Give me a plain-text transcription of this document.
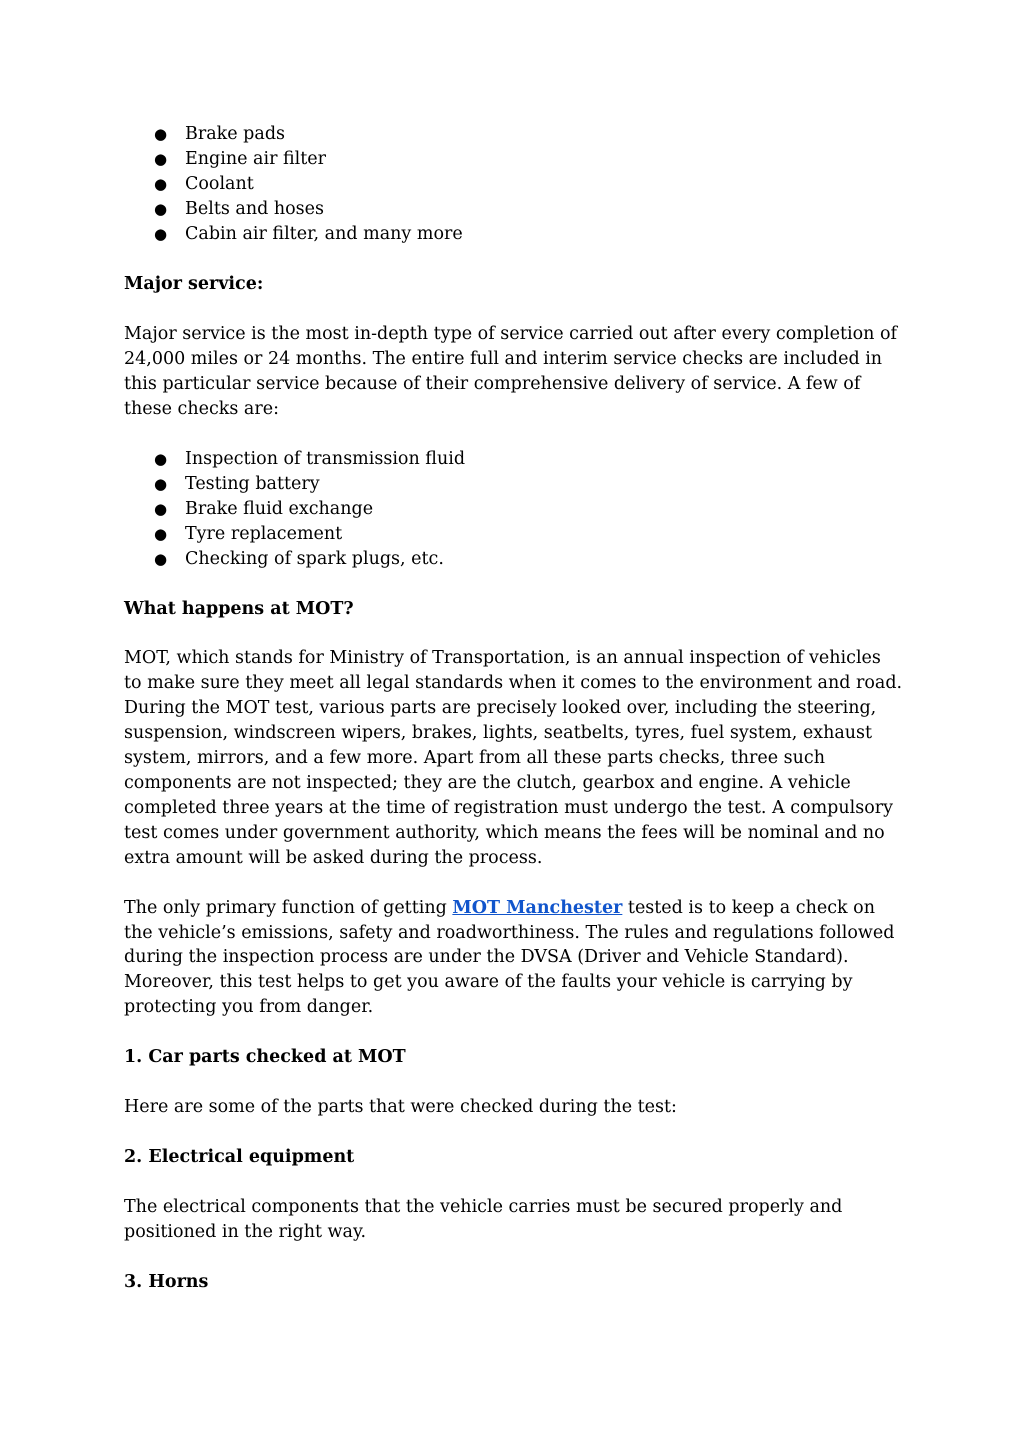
● Brake pads
● Engine air filter
● Coolant
● Belts and hoses
● Cabin air filter, and many more
Major service:

Major service is the most in-depth type of service carried out after every completion of 24,000 miles or 24 months. The entire full and interim service checks are included in this particular service because of their comprehensive delivery of service. A few of these checks are:

● Inspection of transmission fluid
● Testing battery
● Brake fluid exchange
● Tyre replacement
● Checking of spark plugs, etc.
What happens at MOT?

MOT, which stands for Ministry of Transportation, is an annual inspection of vehicles to make sure they meet all legal standards when it comes to the environment and road. During the MOT test, various parts are precisely looked over, including the steering, suspension, windscreen wipers, brakes, lights, seatbelts, tyres, fuel system, exhaust system, mirrors, and a few more. Apart from all these parts checks, three such components are not inspected; they are the clutch, gearbox and engine. A vehicle completed three years at the time of registration must undergo the test. A compulsory test comes under government authority, which means the fees will be nominal and no extra amount will be asked during the process.

The only primary function of getting MOT Manchester tested is to keep a check on the vehicle’s emissions, safety and roadworthiness. The rules and regulations followed during the inspection process are under the DVSA (Driver and Vehicle Standard). Moreover, this test helps to get you aware of the faults your vehicle is carrying by protecting you from danger.

1. Car parts checked at MOT

Here are some of the parts that were checked during the test:

2. Electrical equipment

The electrical components that the vehicle carries must be secured properly and positioned in the right way.

3. Horns
